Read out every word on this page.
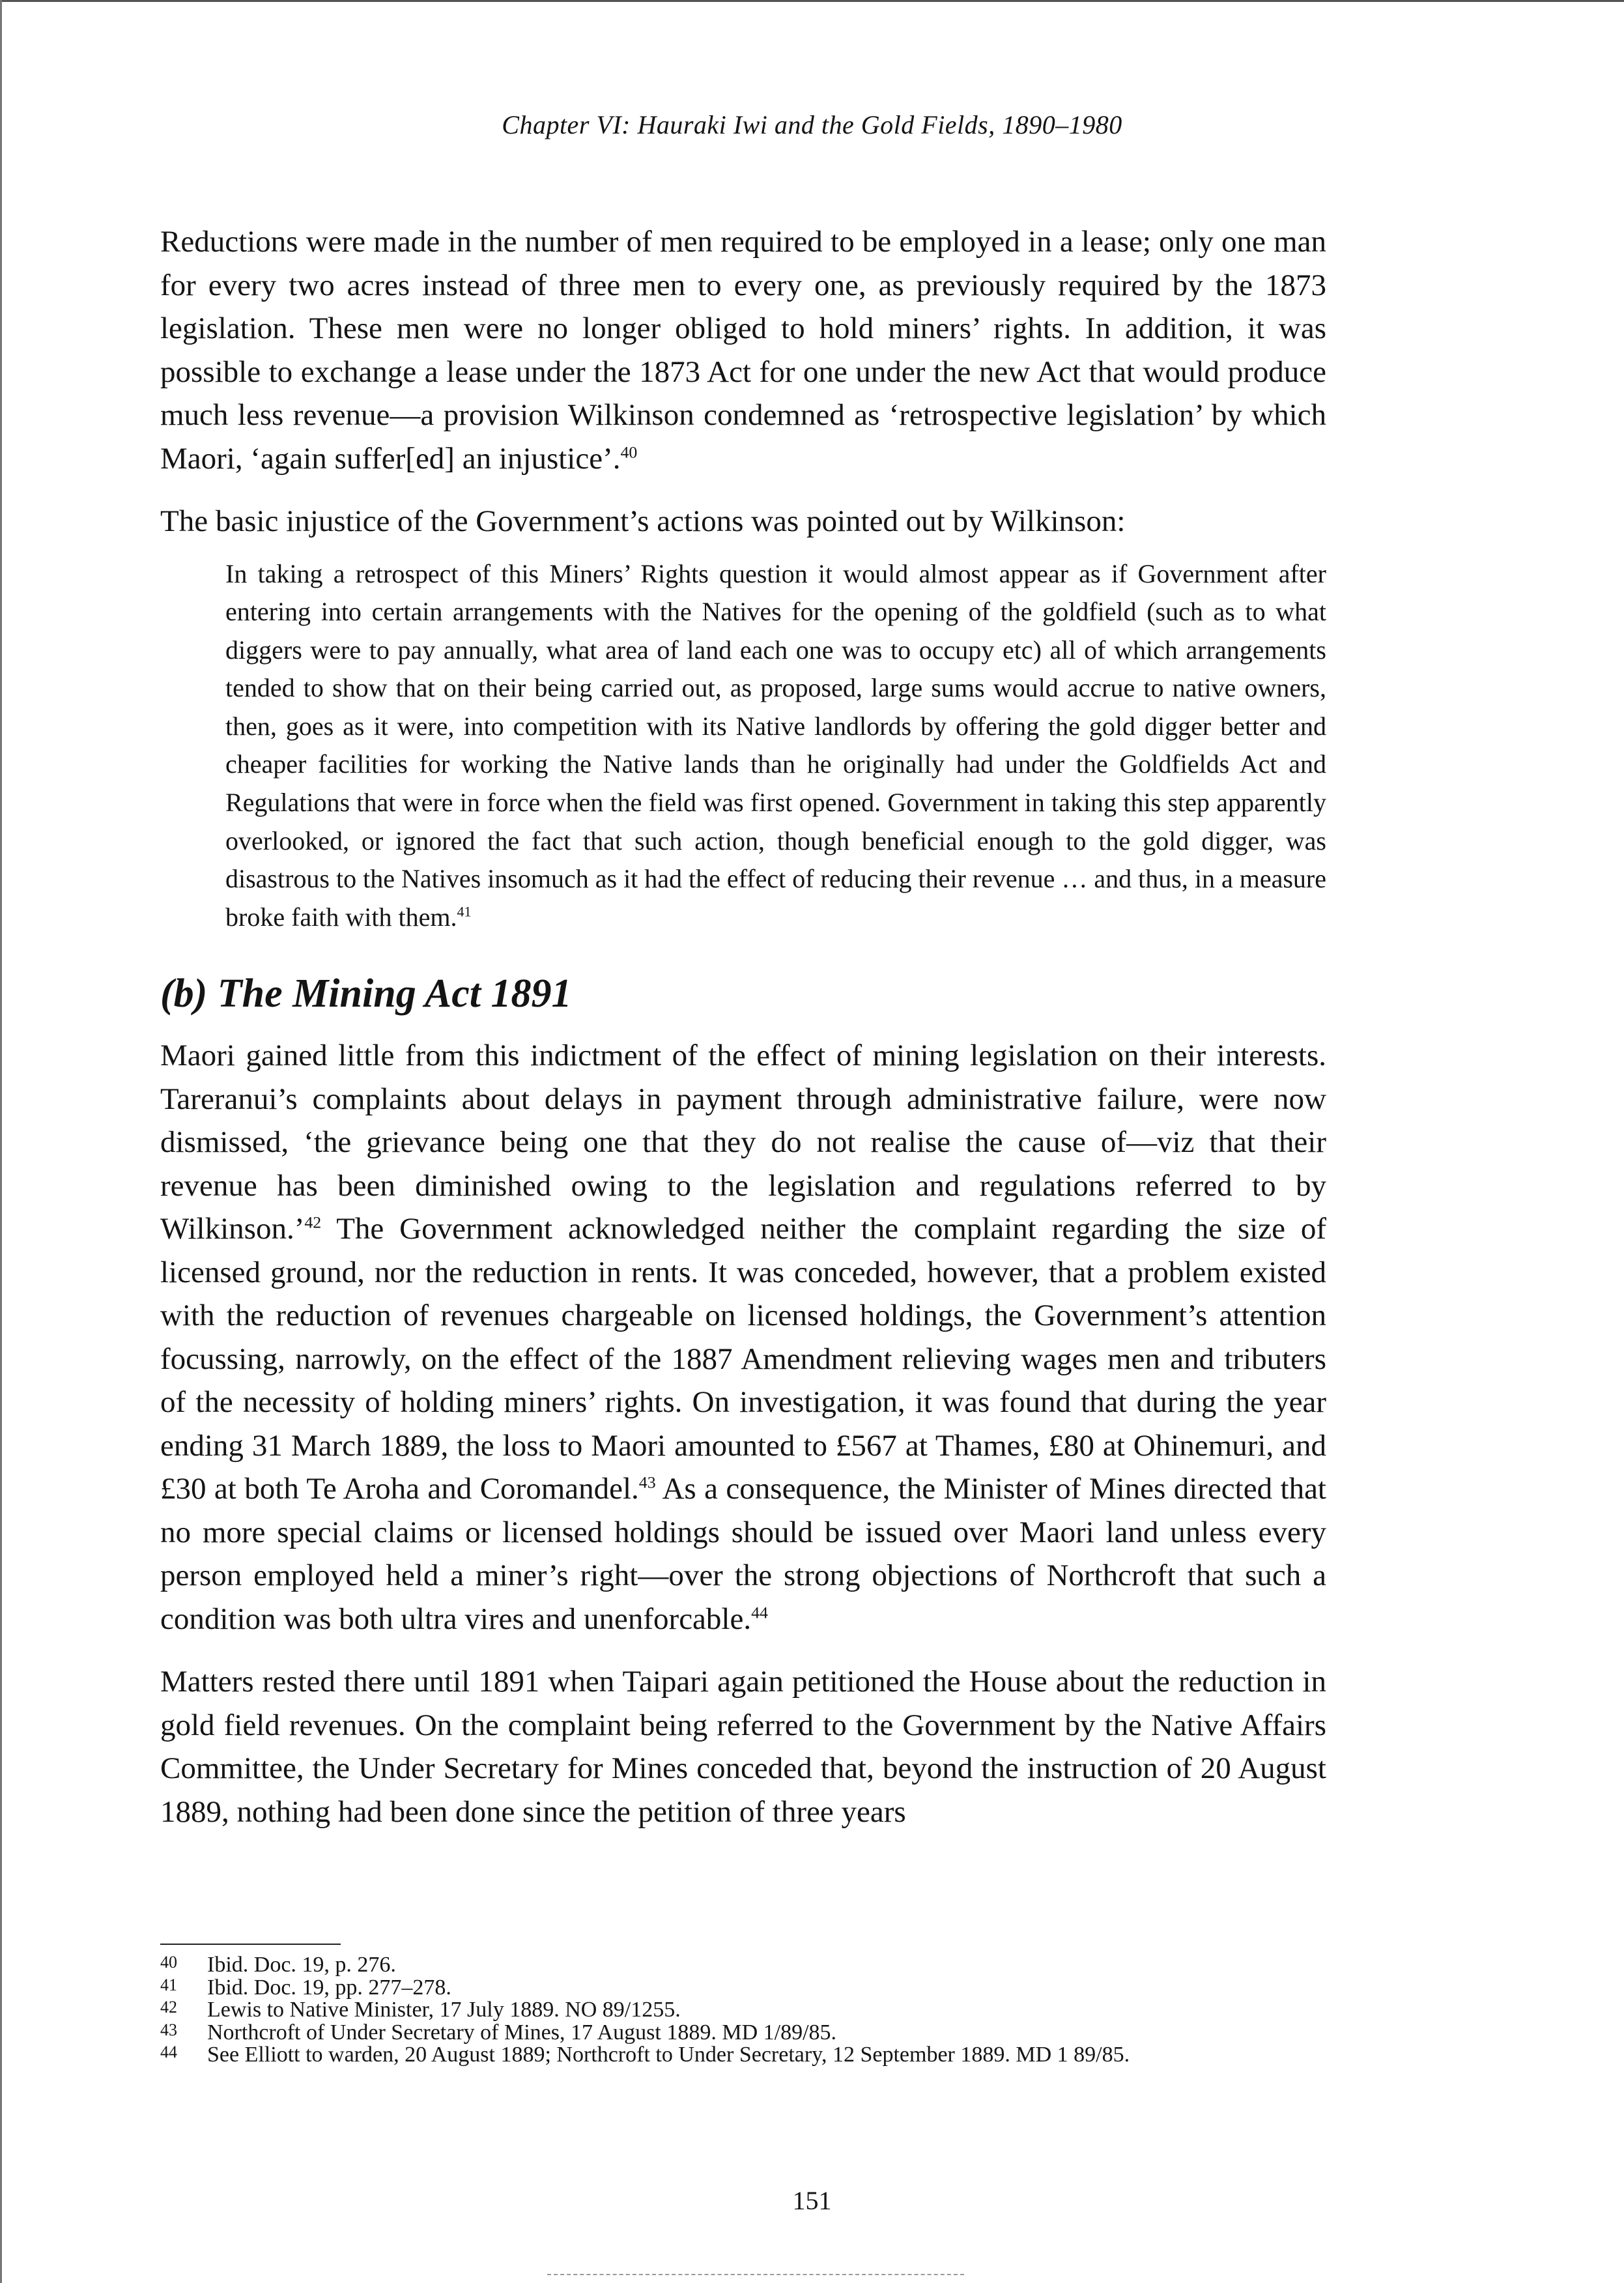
Chapter VI: Hauraki Iwi and the Gold Fields, 1890–1980

Reductions were made in the number of men required to be employed in a lease; only one man for every two acres instead of three men to every one, as previously required by the 1873 legislation. These men were no longer obliged to hold miners’ rights. In addition, it was possible to exchange a lease under the 1873 Act for one under the new Act that would produce much less revenue—a provision Wilkinson condemned as ‘retrospective legislation’ by which Maori, ‘again suffer[ed] an injustice’.$^{40}$

The basic injustice of the Government’s actions was pointed out by Wilkinson:

In taking a retrospect of this Miners’ Rights question it would almost appear as if Government after entering into certain arrangements with the Natives for the opening of the goldfield (such as to what diggers were to pay annually, what area of land each one was to occupy etc) all of which arrangements tended to show that on their being carried out, as proposed, large sums would accrue to native owners, then, goes as it were, into competition with its Native landlords by offering the gold digger better and cheaper facilities for working the Native lands than he originally had under the Goldfields Act and Regulations that were in force when the field was first opened. Government in taking this step apparently overlooked, or ignored the fact that such action, though beneficial enough to the gold digger, was disastrous to the Natives insomuch as it had the effect of reducing their revenue … and thus, in a measure broke faith with them.$^{41}$

(b) The Mining Act 1891

Maori gained little from this indictment of the effect of mining legislation on their interests. Tareranui’s complaints about delays in payment through administrative failure, were now dismissed, ‘the grievance being one that they do not realise the cause of—viz that their revenue has been diminished owing to the legislation and regulations referred to by Wilkinson.’$^{42}$ The Government acknowledged neither the complaint regarding the size of licensed ground, nor the reduction in rents. It was conceded, however, that a problem existed with the reduction of revenues chargeable on licensed holdings, the Government’s attention focussing, narrowly, on the effect of the 1887 Amendment relieving wages men and tributers of the necessity of holding miners’ rights. On investigation, it was found that during the year ending 31 March 1889, the loss to Maori amounted to £567 at Thames, £80 at Ohinemuri, and £30 at both Te Aroha and Coromandel.$^{43}$ As a consequence, the Minister of Mines directed that no more special claims or licensed holdings should be issued over Maori land unless every person employed held a miner’s right—over the strong objections of Northcroft that such a condition was both ultra vires and unenforcable.$^{44}$

Matters rested there until 1891 when Taipari again petitioned the House about the reduction in gold field revenues. On the complaint being referred to the Government by the Native Affairs Committee, the Under Secretary for Mines conceded that, beyond the instruction of 20 August 1889, nothing had been done since the petition of three years

40	Ibid. Doc. 19, p. 276.
41	Ibid. Doc. 19, pp. 277–278.
42	Lewis to Native Minister, 17 July 1889. NO 89/1255.
43	Northcroft of Under Secretary of Mines, 17 August 1889. MD 1/89/85.
44	See Elliott to warden, 20 August 1889; Northcroft to Under Secretary, 12 September 1889. MD 1 89/85.
151
